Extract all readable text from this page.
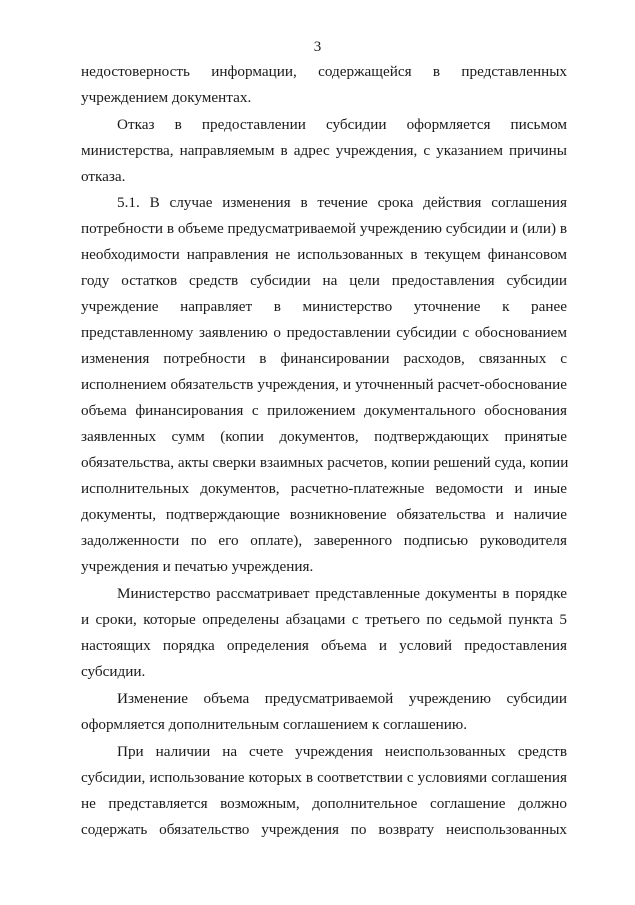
3
недостоверность информации, содержащейся в представленных
учреждением документах.
Отказ в предоставлении субсидии оформляется письмом
министерства, направляемым в адрес учреждения, с указанием причины
отказа.
5.1. В случае изменения в течение срока действия соглашения
потребности в объеме предусматриваемой учреждению субсидии и (или) в
необходимости направления не использованных в текущем финансовом
году остатков средств субсидии на цели предоставления субсидии
учреждение направляет в министерство уточнение к ранее
представленному заявлению о предоставлении субсидии с обоснованием
изменения потребности в финансировании расходов, связанных с
исполнением обязательств учреждения, и уточненный расчет-обоснование
объема финансирования с приложением документального обоснования
заявленных сумм (копии документов, подтверждающих принятые
обязательства, акты сверки взаимных расчетов, копии решений суда, копии
исполнительных документов, расчетно-платежные ведомости и иные
документы, подтверждающие возникновение обязательства и наличие
задолженности по его оплате), заверенного подписью руководителя
учреждения и печатью учреждения.
Министерство рассматривает представленные документы в порядке
и сроки, которые определены абзацами с третьего по седьмой пункта 5
настоящих порядка определения объема и условий предоставления
субсидии.
Изменение объема предусматриваемой учреждению субсидии
оформляется дополнительным соглашением к соглашению.
При наличии на счете учреждения неиспользованных средств
субсидии, использование которых в соответствии с условиями соглашения
не представляется возможным, дополнительное соглашение должно
содержать обязательство учреждения по возврату неиспользованных
